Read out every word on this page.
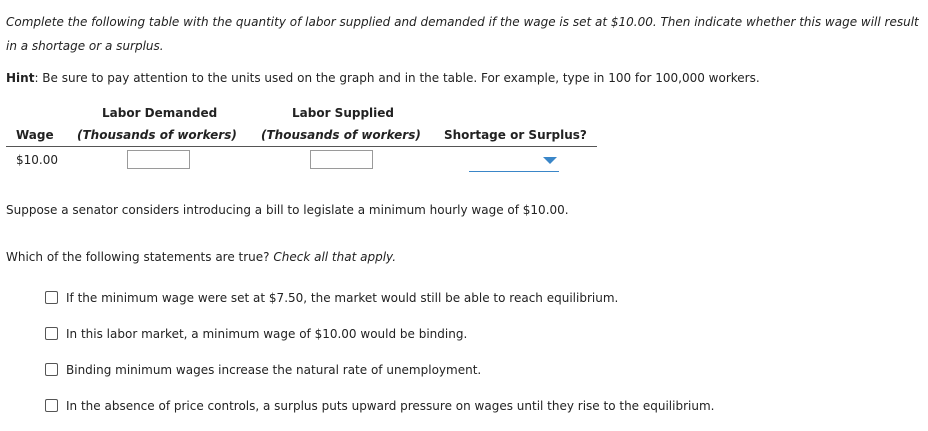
Complete the following table with the quantity of labor supplied and demanded if the wage is set at $10.00. Then indicate whether this wage will result in a shortage or a surplus.
Hint: Be sure to pay attention to the units used on the graph and in the table. For example, type in 100 for 100,000 workers.
Labor Demanded	Labor Supplied
Wage (Thousands of workers) (Thousands of workers) Shortage or Surplus?
$10.00
Suppose a senator considers introducing a bill to legislate a minimum hourly wage of $10.00.
Which of the following statements are true? Check all that apply.
If the minimum wage were set at $7.50, the market would still be able to reach equilibrium.
In this labor market, a minimum wage of $10.00 would be binding.
Binding minimum wages increase the natural rate of unemployment.
In the absence of price controls, a surplus puts upward pressure on wages until they rise to the equilibrium.
